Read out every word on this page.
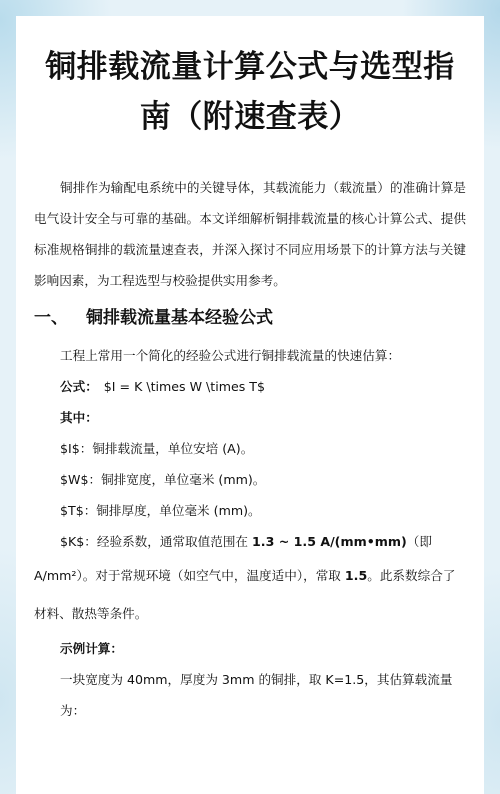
铜排载流量计算公式与选型指
南（附速查表）

铜排作为输配电系统中的关键导体，其载流能力（载流量）的准确计算是电气设计安全与可靠的基础。本文详细解析铜排载流量的核心计算公式、提供标准规格铜排的载流量速查表，并深入探讨不同应用场景下的计算方法与关键影响因素，为工程选型与校验提供实用参考。

一、 铜排载流量基本经验公式
工程上常用一个简化的经验公式进行铜排载流量的快速估算：
公式： $I = K \times W \times T$
其中：
$I$：铜排载流量，单位安培 (A)。
$W$：铜排宽度，单位毫米 (mm)。
$T$：铜排厚度，单位毫米 (mm)。
$K$：经验系数，通常取值范围在 1.3 ~ 1.5 A/(mm•mm)（即
A/mm²）。对于常规环境（如空气中，温度适中），常取 1.5。此系数综合了
材料、散热等条件。
示例计算：
一块宽度为 40mm，厚度为 3mm 的铜排，取 K=1.5，其估算载流量为：
